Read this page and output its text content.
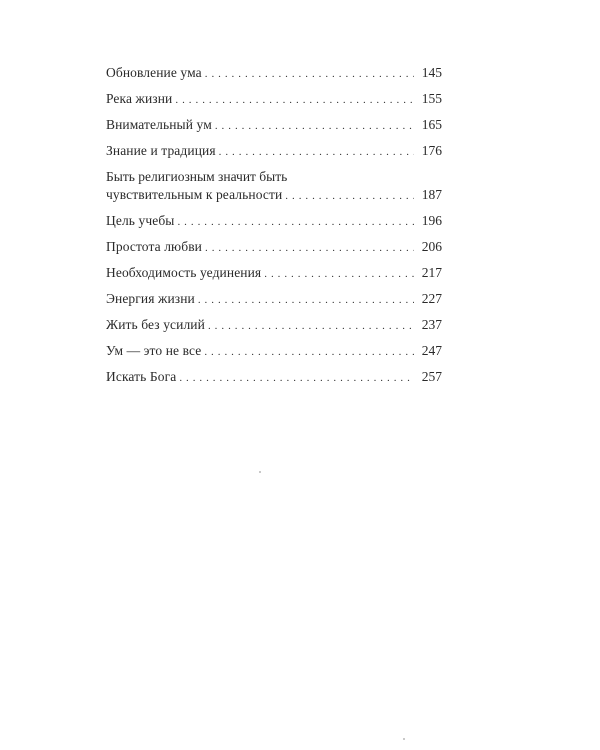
Обновление ума . . .	145
Река жизни . . .	155
Внимательный ум . . .	165
Знание и традиция . . .	176
Быть религиозным значит быть
чувствительным к реальности . . .	187
Цель учебы . . .	196
Простота любви . . .	206
Необходимость уединения . . .	217
Энергия жизни . . .	227
Жить без усилий . . .	237
Ум — это не все . . .	247
Искать Бога . . .	257
